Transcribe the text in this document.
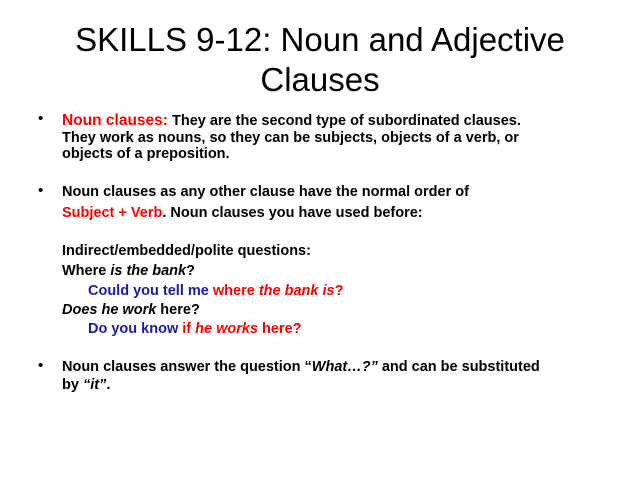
SKILLS 9-12: Noun and Adjective
Clauses
• Noun clauses: They are the second type of subordinated clauses.
They work as nouns, so they can be subjects, objects of a verb, or
objects of a preposition.
• Noun clauses as any other clause have the normal order of
Subject + Verb. Noun clauses you have used before:
Indirect/embedded/polite questions:
Where is the bank?
Could you tell me where the bank is?
Does he work here?
Do you know if he works here?
• Noun clauses answer the question “What…?” and can be substituted
by “it”.
